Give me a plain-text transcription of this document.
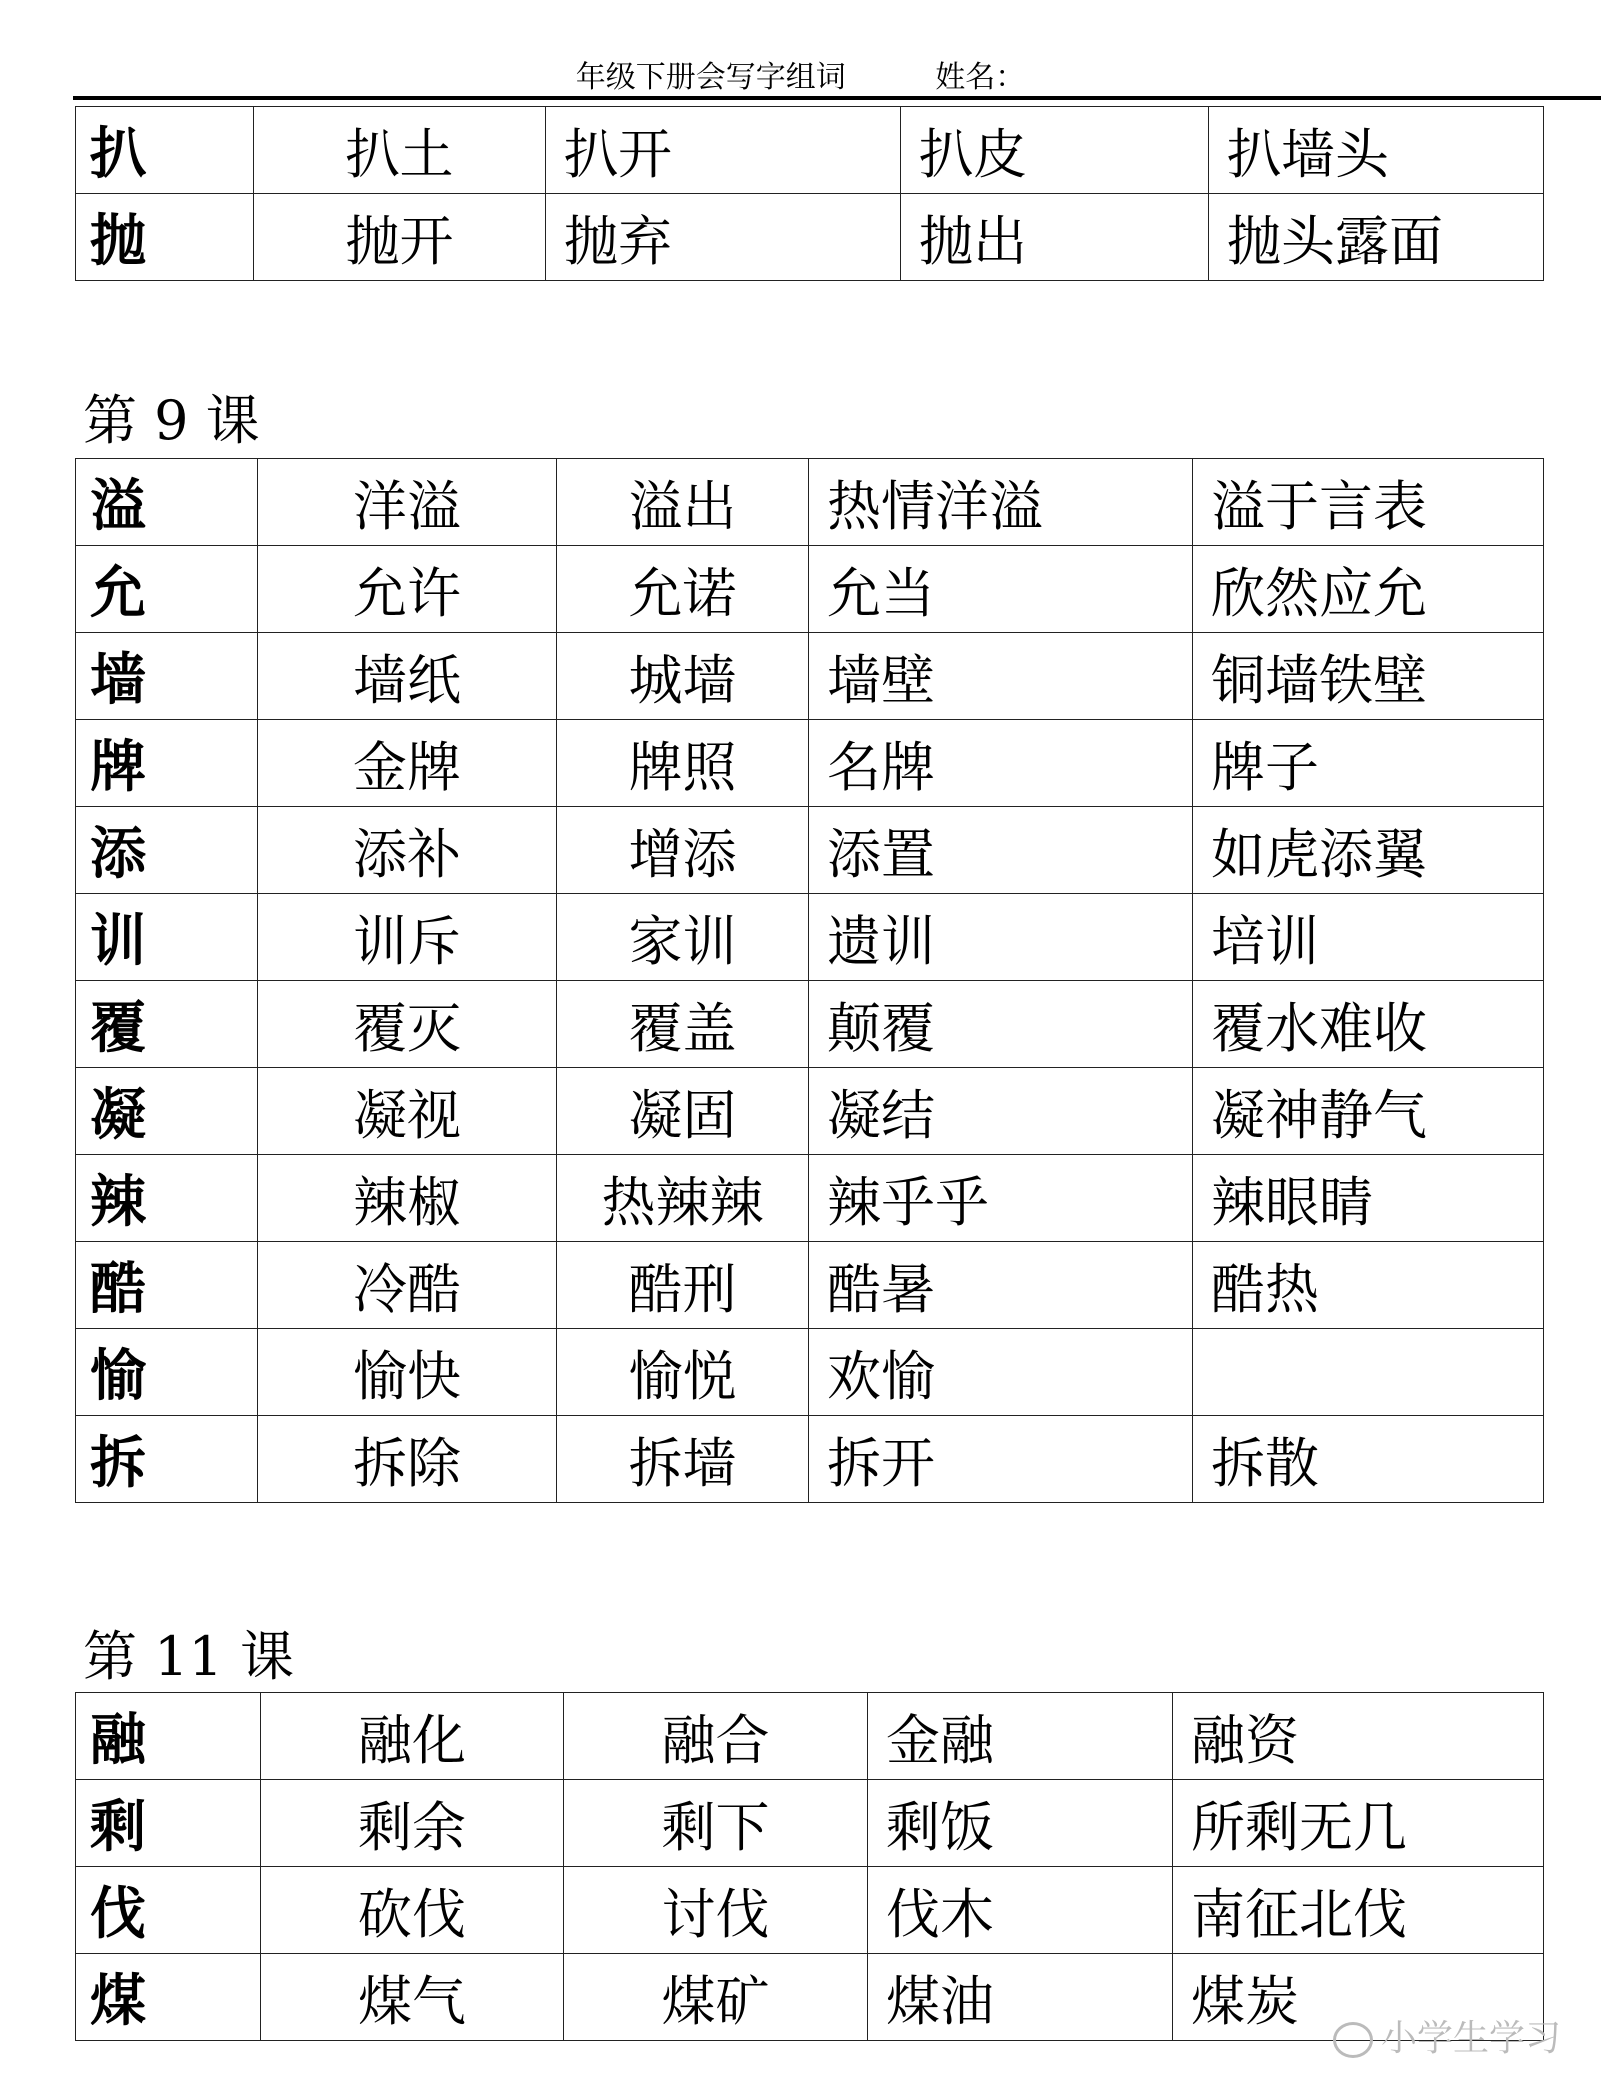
年级下册会写字组词	姓名：
扒	扒土	扒开	扒皮	扒墙头
抛	抛开	抛弃	抛出	抛头露面
第 9 课
溢	洋溢	溢出	热情洋溢	溢于言表
允	允许	允诺	允当	欣然应允
墙	墙纸	城墙	墙壁	铜墙铁壁
牌	金牌	牌照	名牌	牌子
添	添补	增添	添置	如虎添翼
训	训斥	家训	遗训	培训
覆	覆灭	覆盖	颠覆	覆水难收
凝	凝视	凝固	凝结	凝神静气
辣	辣椒	热辣辣	辣乎乎	辣眼睛
酷	冷酷	酷刑	酷暑	酷热
愉	愉快	愉悦	欢愉	
拆	拆除	拆墙	拆开	拆散
第 11 课
融	融化	融合	金融	融资
剩	剩余	剩下	剩饭	所剩无几
伐	砍伐	讨伐	伐木	南征北伐
煤	煤气	煤矿	煤油	煤炭
小学生学习
